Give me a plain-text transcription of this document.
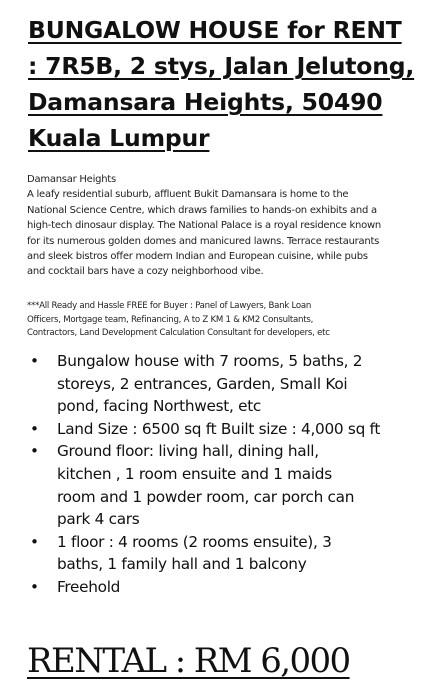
BUNGALOW HOUSE for RENT
: 7R5B, 2 stys, Jalan Jelutong,
Damansara Heights, 50490
Kuala Lumpur
Damansar Heights
A leafy residential suburb, affluent Bukit Damansara is home to the
National Science Centre, which draws families to hands-on exhibits and a
high-tech dinosaur display. The National Palace is a royal residence known
for its numerous golden domes and manicured lawns. Terrace restaurants
and sleek bistros offer modern Indian and European cuisine, while pubs
and cocktail bars have a cozy neighborhood vibe.
***All Ready and Hassle FREE for Buyer : Panel of Lawyers, Bank Loan
Officers, Mortgage team, Refinancing, A to Z KM 1 & KM2 Consultants,
Contractors, Land Development Calculation Consultant for developers, etc
• Bungalow house with 7 rooms, 5 baths, 2
storeys, 2 entrances, Garden, Small Koi
pond, facing Northwest, etc
• Land Size : 6500 sq ft Built size : 4,000 sq ft
• Ground floor: living hall, dining hall,
kitchen , 1 room ensuite and 1 maids
room and 1 powder room, car porch can
park 4 cars
• 1 floor : 4 rooms (2 rooms ensuite), 3
baths, 1 family hall and 1 balcony
• Freehold
RENTAL : RM 6,000
